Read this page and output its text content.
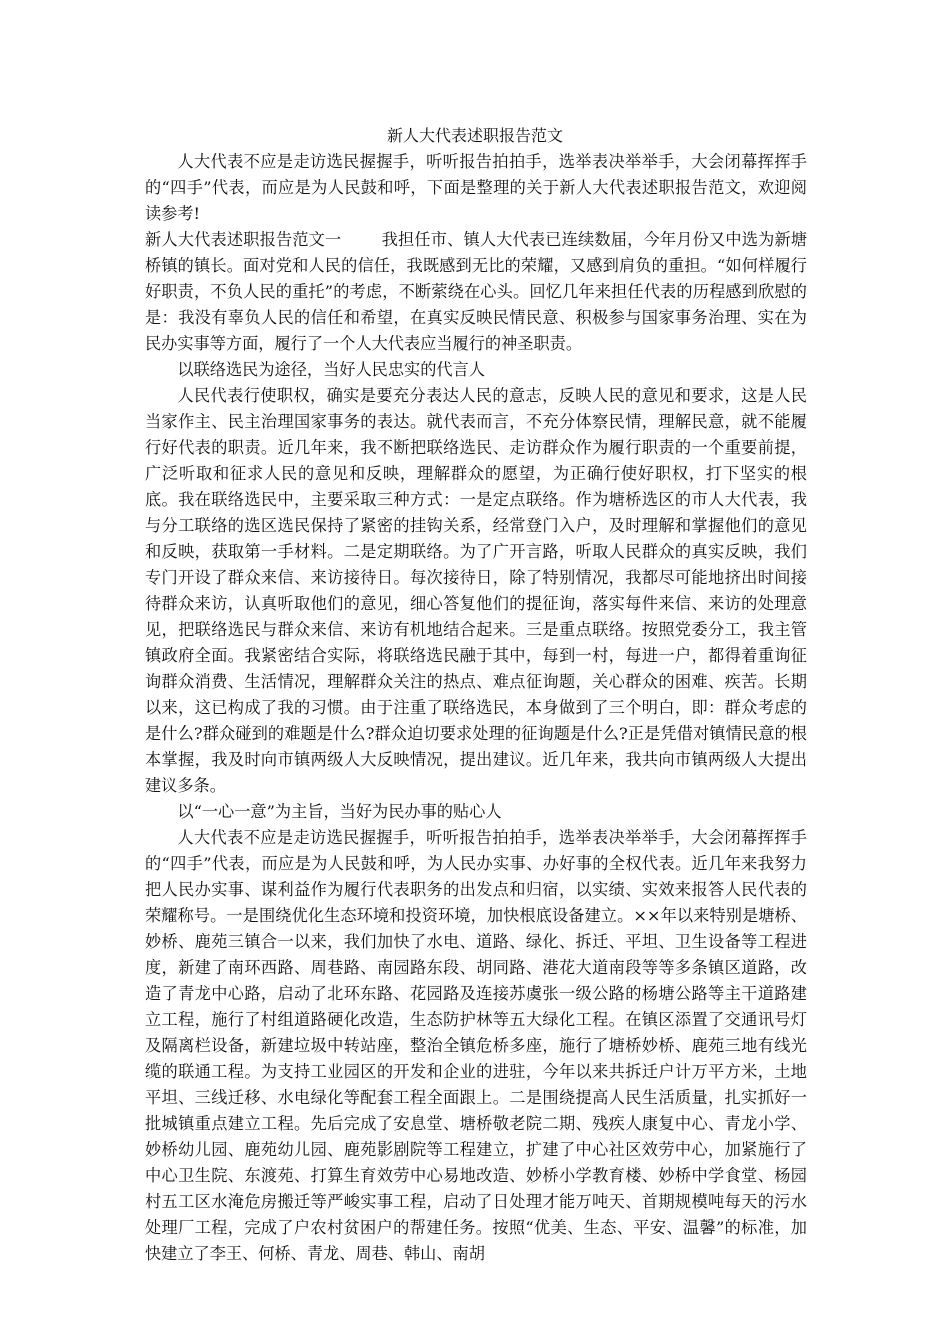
新人大代表述职报告范文

人大代表不应是走访选民握握手，听听报告拍拍手，选举表决举举手，大会闭幕挥挥手的“四手”代表，而应是为人民鼓和呼，下面是整理的关于新人大代表述职报告范文，欢迎阅读参考!

新人大代表述职报告范文一 我担任市、镇人大代表已连续数届，今年月份又中选为新塘桥镇的镇长。面对党和人民的信任，我既感到无比的荣耀，又感到肩负的重担。“如何样履行好职责，不负人民的重托”的考虑，不断萦绕在心头。回忆几年来担任代表的历程感到欣慰的是：我没有辜负人民的信任和希望，在真实反映民情民意、积极参与国家事务治理、实在为民办实事等方面，履行了一个人大代表应当履行的神圣职责。

以联络选民为途径，当好人民忠实的代言人

人民代表行使职权，确实是要充分表达人民的意志，反映人民的意见和要求，这是人民当家作主、民主治理国家事务的表达。就代表而言，不充分体察民情，理解民意，就不能履行好代表的职责。近几年来，我不断把联络选民、走访群众作为履行职责的一个重要前提，广泛听取和征求人民的意见和反映，理解群众的愿望，为正确行使好职权，打下坚实的根底。我在联络选民中，主要采取三种方式：一是定点联络。作为塘桥选区的市人大代表，我与分工联络的选区选民保持了紧密的挂钩关系，经常登门入户，及时理解和掌握他们的意见和反映，获取第一手材料。二是定期联络。为了广开言路，听取人民群众的真实反映，我们专门开设了群众来信、来访接待日。每次接待日，除了特别情况，我都尽可能地挤出时间接待群众来访，认真听取他们的意见，细心答复他们的提征询，落实每件来信、来访的处理意见，把联络选民与群众来信、来访有机地结合起来。三是重点联络。按照党委分工，我主管镇政府全面。我紧密结合实际，将联络选民融于其中，每到一村，每进一户，都得着重询征询群众消费、生活情况，理解群众关注的热点、难点征询题，关心群众的困难、疾苦。长期以来，这已构成了我的习惯。由于注重了联络选民，本身做到了三个明白，即：群众考虑的是什么?群众碰到的难题是什么?群众迫切要求处理的征询题是什么?正是凭借对镇情民意的根本掌握，我及时向市镇两级人大反映情况，提出建议。近几年来，我共向市镇两级人大提出建议多条。

以“一心一意”为主旨，当好为民办事的贴心人

人大代表不应是走访选民握握手，听听报告拍拍手，选举表决举举手，大会闭幕挥挥手的“四手”代表，而应是为人民鼓和呼，为人民办实事、办好事的全权代表。近几年来我努力把人民办实事、谋利益作为履行代表职务的出发点和归宿，以实绩、实效来报答人民代表的荣耀称号。一是围绕优化生态环境和投资环境，加快根底设备建立。××年以来特别是塘桥、妙桥、鹿苑三镇合一以来，我们加快了水电、道路、绿化、拆迁、平坦、卫生设备等工程进度，新建了南环西路、周巷路、南园路东段、胡同路、港花大道南段等等多条镇区道路，改造了青龙中心路，启动了北环东路、花园路及连接苏虞张一级公路的杨塘公路等主干道路建立工程，施行了村组道路硬化改造，生态防护林等五大绿化工程。在镇区添置了交通讯号灯及隔离栏设备，新建垃圾中转站座，整治全镇危桥多座，施行了塘桥妙桥、鹿苑三地有线光缆的联通工程。为支持工业园区的开发和企业的进驻，今年以来共拆迁户计万平方米，土地平坦、三线迁移、水电绿化等配套工程全面跟上。二是围绕提高人民生活质量，扎实抓好一批城镇重点建立工程。先后完成了安息堂、塘桥敬老院二期、残疾人康复中心、青龙小学、妙桥幼儿园、鹿苑幼儿园、鹿苑影剧院等工程建立，扩建了中心社区效劳中心，加紧施行了中心卫生院、东渡苑、打算生育效劳中心易地改造、妙桥小学教育楼、妙桥中学食堂、杨园村五工区水淹危房搬迁等严峻实事工程，启动了日处理才能万吨天、首期规模吨每天的污水处理厂工程，完成了户农村贫困户的帮建任务。按照“优美、生态、平安、温馨”的标准，加快建立了李王、何桥、青龙、周巷、韩山、南胡
